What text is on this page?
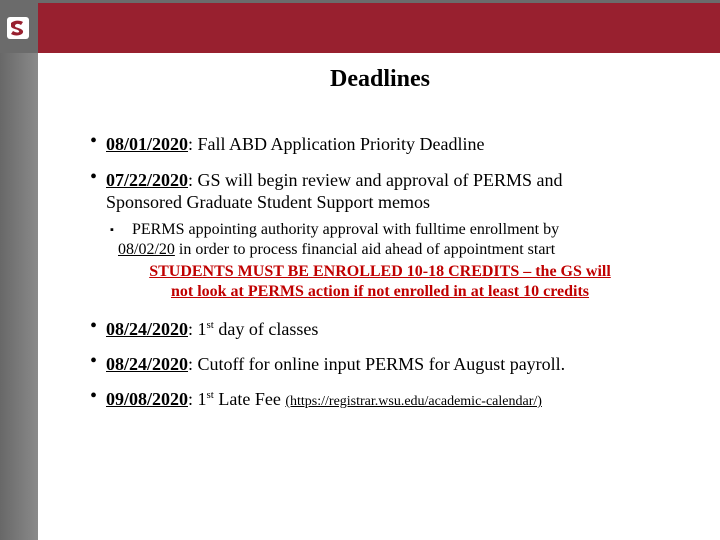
Deadlines
• 08/01/2020: Fall ABD Application Priority Deadline
• 07/22/2020: GS will begin review and approval of PERMS and
Sponsored Graduate Student Support memos
▪ PERMS appointing authority approval with fulltime enrollment by
08/02/20 in order to process financial aid ahead of appointment start
STUDENTS MUST BE ENROLLED 10-18 CREDITS – the GS will
not look at PERMS action if not enrolled in at least 10 credits
• 08/24/2020: 1st day of classes
• 08/24/2020: Cutoff for online input PERMS for August payroll.
• 09/08/2020: 1st Late Fee (https://registrar.wsu.edu/academic-calendar/)
